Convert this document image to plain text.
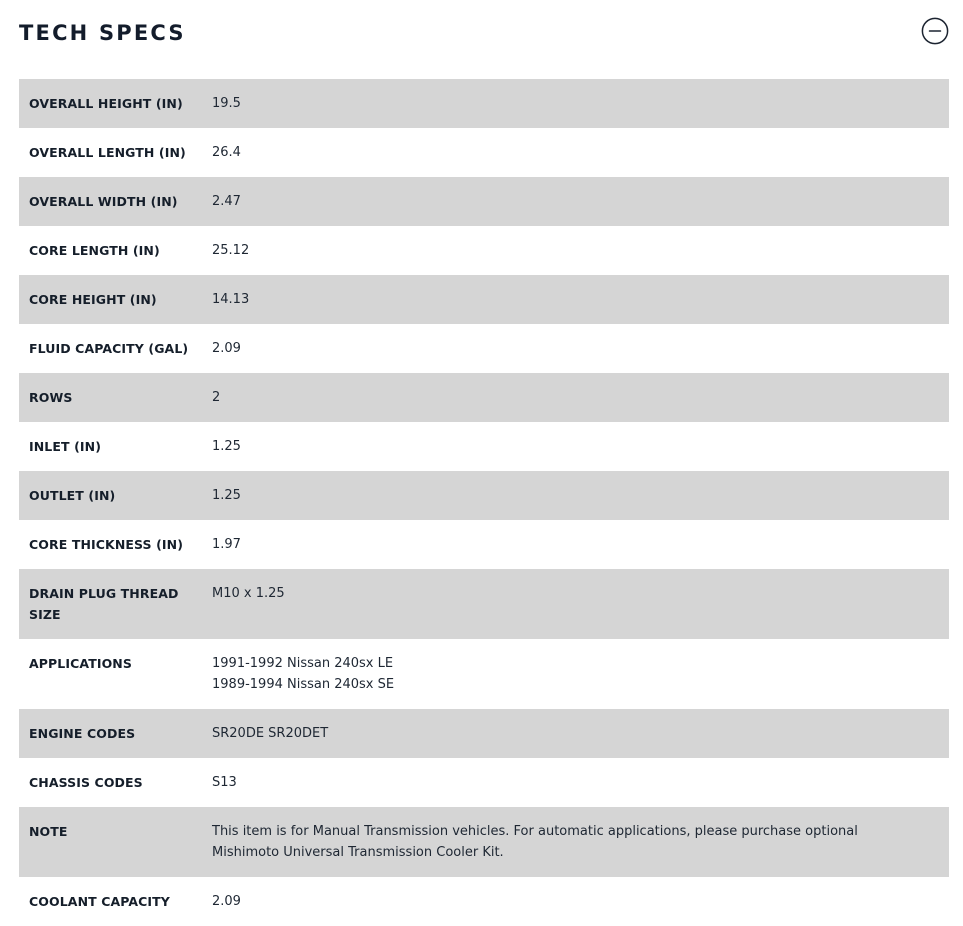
TECH SPECS
OVERALL HEIGHT (IN)	19.5

OVERALL LENGTH (IN)	26.4

OVERALL WIDTH (IN)	2.47

CORE LENGTH (IN)	25.12

CORE HEIGHT (IN)	14.13

FLUID CAPACITY (GAL)	2.09

ROWS	2

INLET (IN)	1.25

OUTLET (IN)	1.25

CORE THICKNESS (IN)	1.97

DRAIN PLUG THREAD SIZE	M10 x 1.25

APPLICATIONS	1991-1992 Nissan 240sx LE
1989-1994 Nissan 240sx SE

ENGINE CODES	SR20DE SR20DET

CHASSIS CODES	S13

NOTE	This item is for Manual Transmission vehicles. For automatic applications, please purchase optional Mishimoto Universal Transmission Cooler Kit.

COOLANT CAPACITY	2.09
